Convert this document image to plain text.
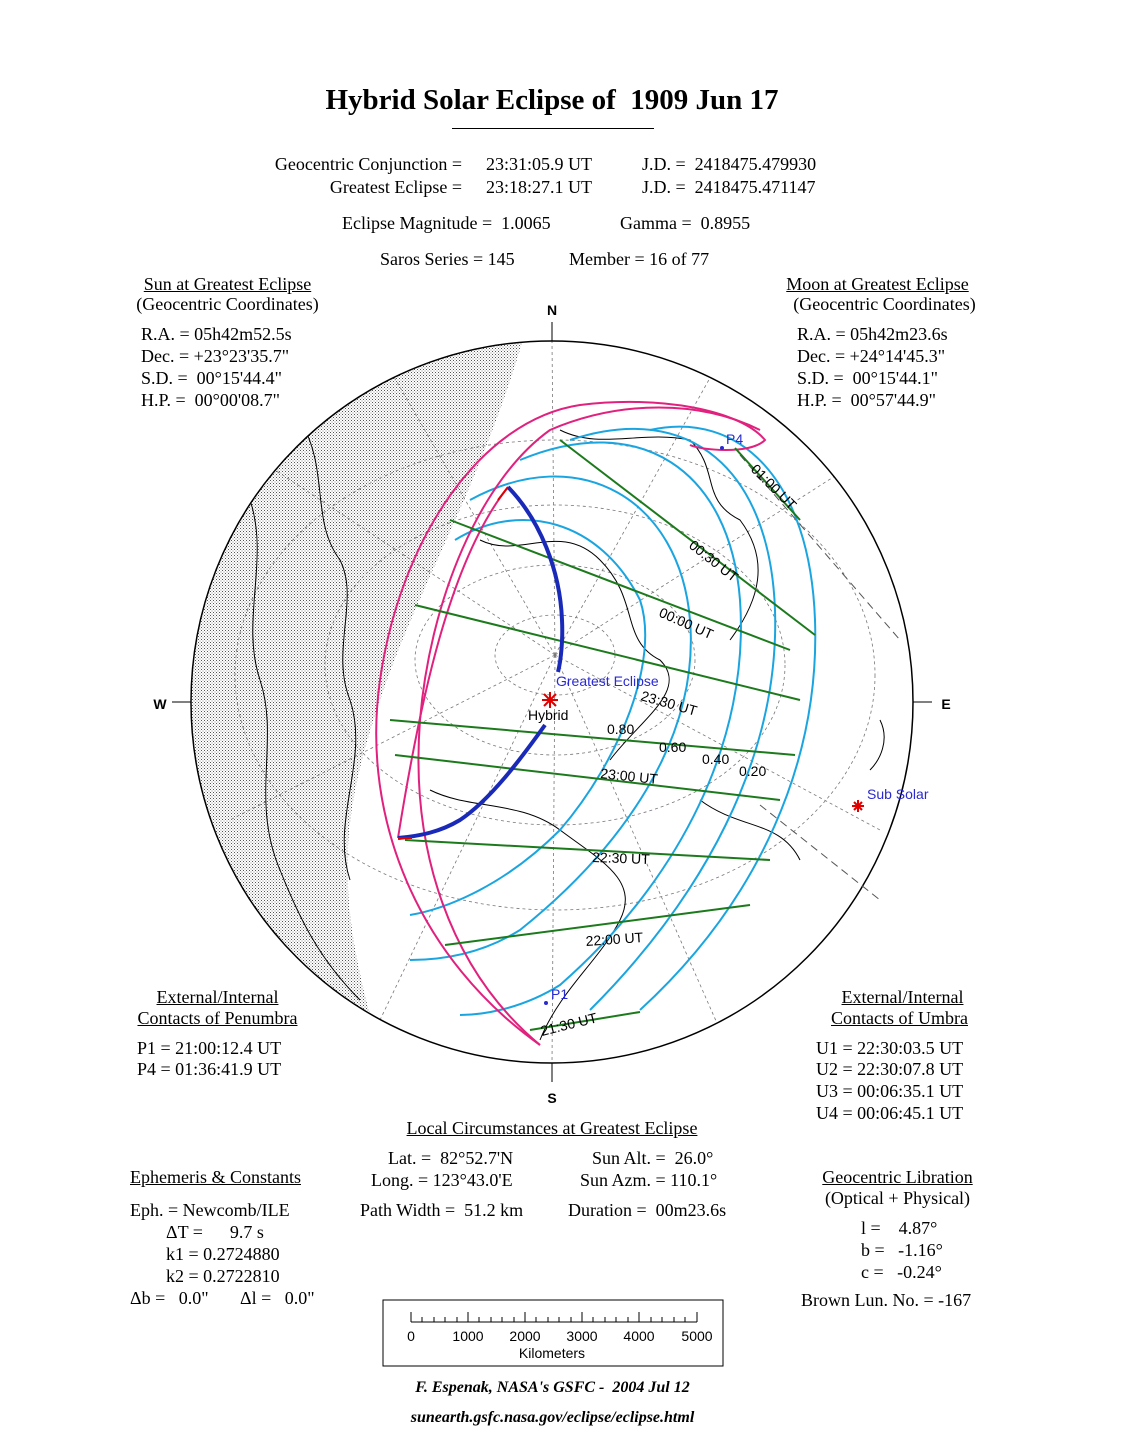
Hybrid Solar Eclipse of  1909 Jun 17
Geocentric Conjunction = 23:31:05.9 UT	J.D. =  2418475.479930
Greatest Eclipse = 23:18:27.1 UT	J.D. =  2418475.471147
Eclipse Magnitude =  1.0065	Gamma =  0.8955
Saros Series = 145	Member = 16 of 77
Sun at Greatest Eclipse
(Geocentric Coordinates)
R.A. = 05h42m52.5s
Dec. = +23°23'35.7"
S.D. =  00°15'44.4"
H.P. =  00°00'08.7"
Moon at Greatest Eclipse
(Geocentric Coordinates)
R.A. = 05h42m23.6s
Dec. = +24°14'45.3"
S.D. =  00°15'44.1"
H.P. =  00°57'44.9"
N
S
W	E
Greatest Eclipse
Hybrid
Sub Solar
P4
P1
01:00 UT
00:30 UT
00:00 UT
23:30 UT
23:00 UT
22:30 UT
22:00 UT
21:30 UT
0.80
0.60
0.40
0.20
0	1000 2000 3000 4000 5000
Kilometers
External/Internal
Contacts of Penumbra
P1 = 21:00:12.4 UT
P4 = 01:36:41.9 UT
External/Internal
Contacts of Umbra
U1 = 22:30:03.5 UT
U2 = 22:30:07.8 UT
U3 = 00:06:35.1 UT
U4 = 00:06:45.1 UT
Local Circumstances at Greatest Eclipse
Lat. =  82°52.7'N	Sun Alt. =  26.0°
Long. = 123°43.0'E	Sun Azm. = 110.1°
Path Width =  51.2 km Duration =  00m23.6s
Ephemeris & Constants
Eph. = Newcomb/ILE
ΔT =      9.7 s
k1 = 0.2724880
k2 = 0.2722810
Δb =   0.0" Δl =   0.0"
Geocentric Libration
(Optical + Physical)
l =    4.87°
b =   -1.16°
c =   -0.24°
Brown Lun. No. = -167
F. Espenak, NASA's GSFC -  2004 Jul 12
sunearth.gsfc.nasa.gov/eclipse/eclipse.html
